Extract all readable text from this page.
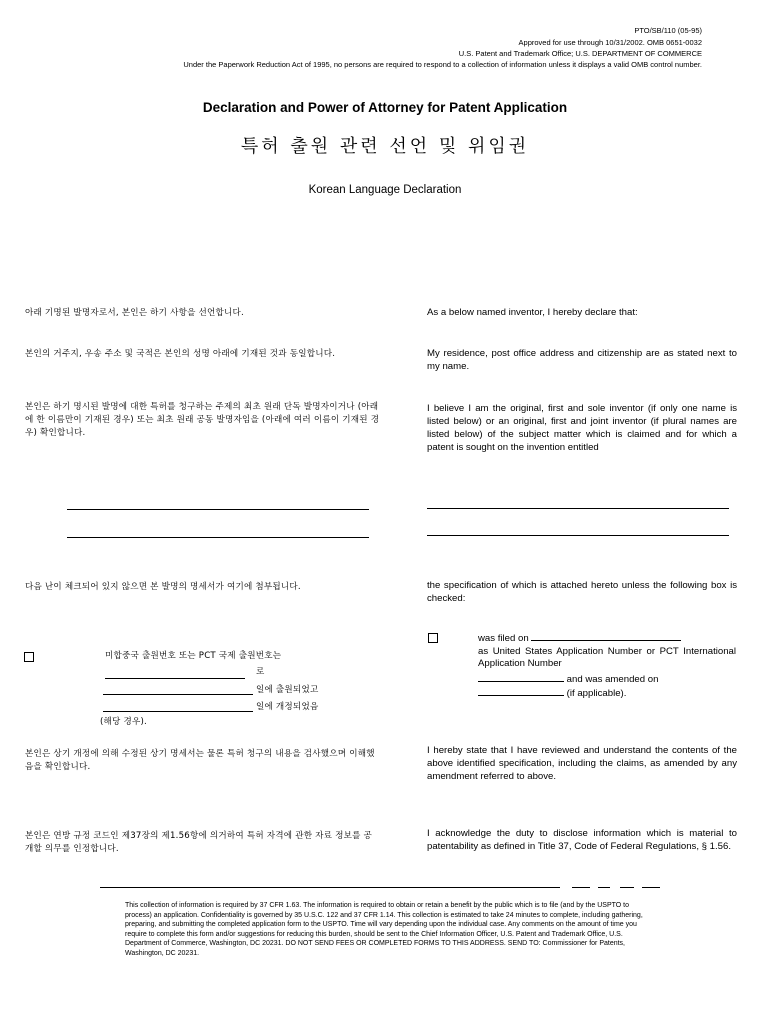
PTO/SB/110 (05-95)
Approved for use through 10/31/2002. OMB 0651-0032
U.S. Patent and Trademark Office; U.S. DEPARTMENT OF COMMERCE
Under the Paperwork Reduction Act of 1995, no persons are required to respond to a collection of information unless it displays a valid OMB control number.
Declaration and Power of Attorney for Patent Application
특허 출원 관련 선언 및 위임권
Korean Language Declaration
아래 기명된 발명자로서, 본인은 하기 사항을 선언합니다.	As a below named inventor, I hereby declare that:
본인의 거주지, 우송 주소 및 국적은 본인의 성명 아래에 기재된 것과 동일합니다.	My residence, post office address and citizenship are as stated next to my name.
본인은 하기 명시된 발명에 대한 특허를 청구하는 주제의 최초 원래 단독 발명자이거나 (아래에 한 이름만이 기재된 경우) 또는 최초 원래 공동 발명자임을 (아래에 여러 이름이 기재된 경우) 확인합니다.
I believe I am the original, first and sole inventor (if only one name is listed below) or an original, first and joint inventor (if plural names are listed below) of the subject matter which is claimed and for which a patent is sought on the invention entitled
다음 난이 체크되어 있지 않으면 본 발명의 명세서가 여기에 첨부됩니다.	the specification of which is attached hereto unless the following box is checked:
미합중국 출원번호 또는 PCT 국제 출원번호는
로
일에 출원되었고
일에 개정되었음
(해당 경우).
was filed on
as United States Application Number or PCT International Application Number
and was amended on
(if applicable).
본인은 상기 개정에 의해 수정된 상기 명세서는 물론 특허 청구의 내용을 검사했으며 이해했음을 확인합니다.
I hereby state that I have reviewed and understand the contents of the above identified specification, including the claims, as amended by any amendment referred to above.
본인은 연방 규정 코드인 제37장의 제1.56항에 의거하여 특허 자격에 관한 자료 정보를 공개할 의무를 인정합니다.
I acknowledge the duty to disclose information which is material to patentability as defined in Title 37, Code of Federal Regulations, § 1.56.
This collection of information is required by 37 CFR 1.63. The information is required to obtain or retain a benefit by the public which is to file (and by the USPTO to process) an application. Confidentiality is governed by 35 U.S.C. 122 and 37 CFR 1.14. This collection is estimated to take 24 minutes to complete, including gathering, preparing, and submitting the completed application form to the USPTO. Time will vary depending upon the individual case. Any comments on the amount of time you require to complete this form and/or suggestions for reducing this burden, should be sent to the Chief Information Officer, U.S. Patent and Trademark Office, U.S. Department of Commerce, Washington, DC 20231. DO NOT SEND FEES OR COMPLETED FORMS TO THIS ADDRESS. SEND TO: Commissioner for Patents, Washington, DC 20231.
